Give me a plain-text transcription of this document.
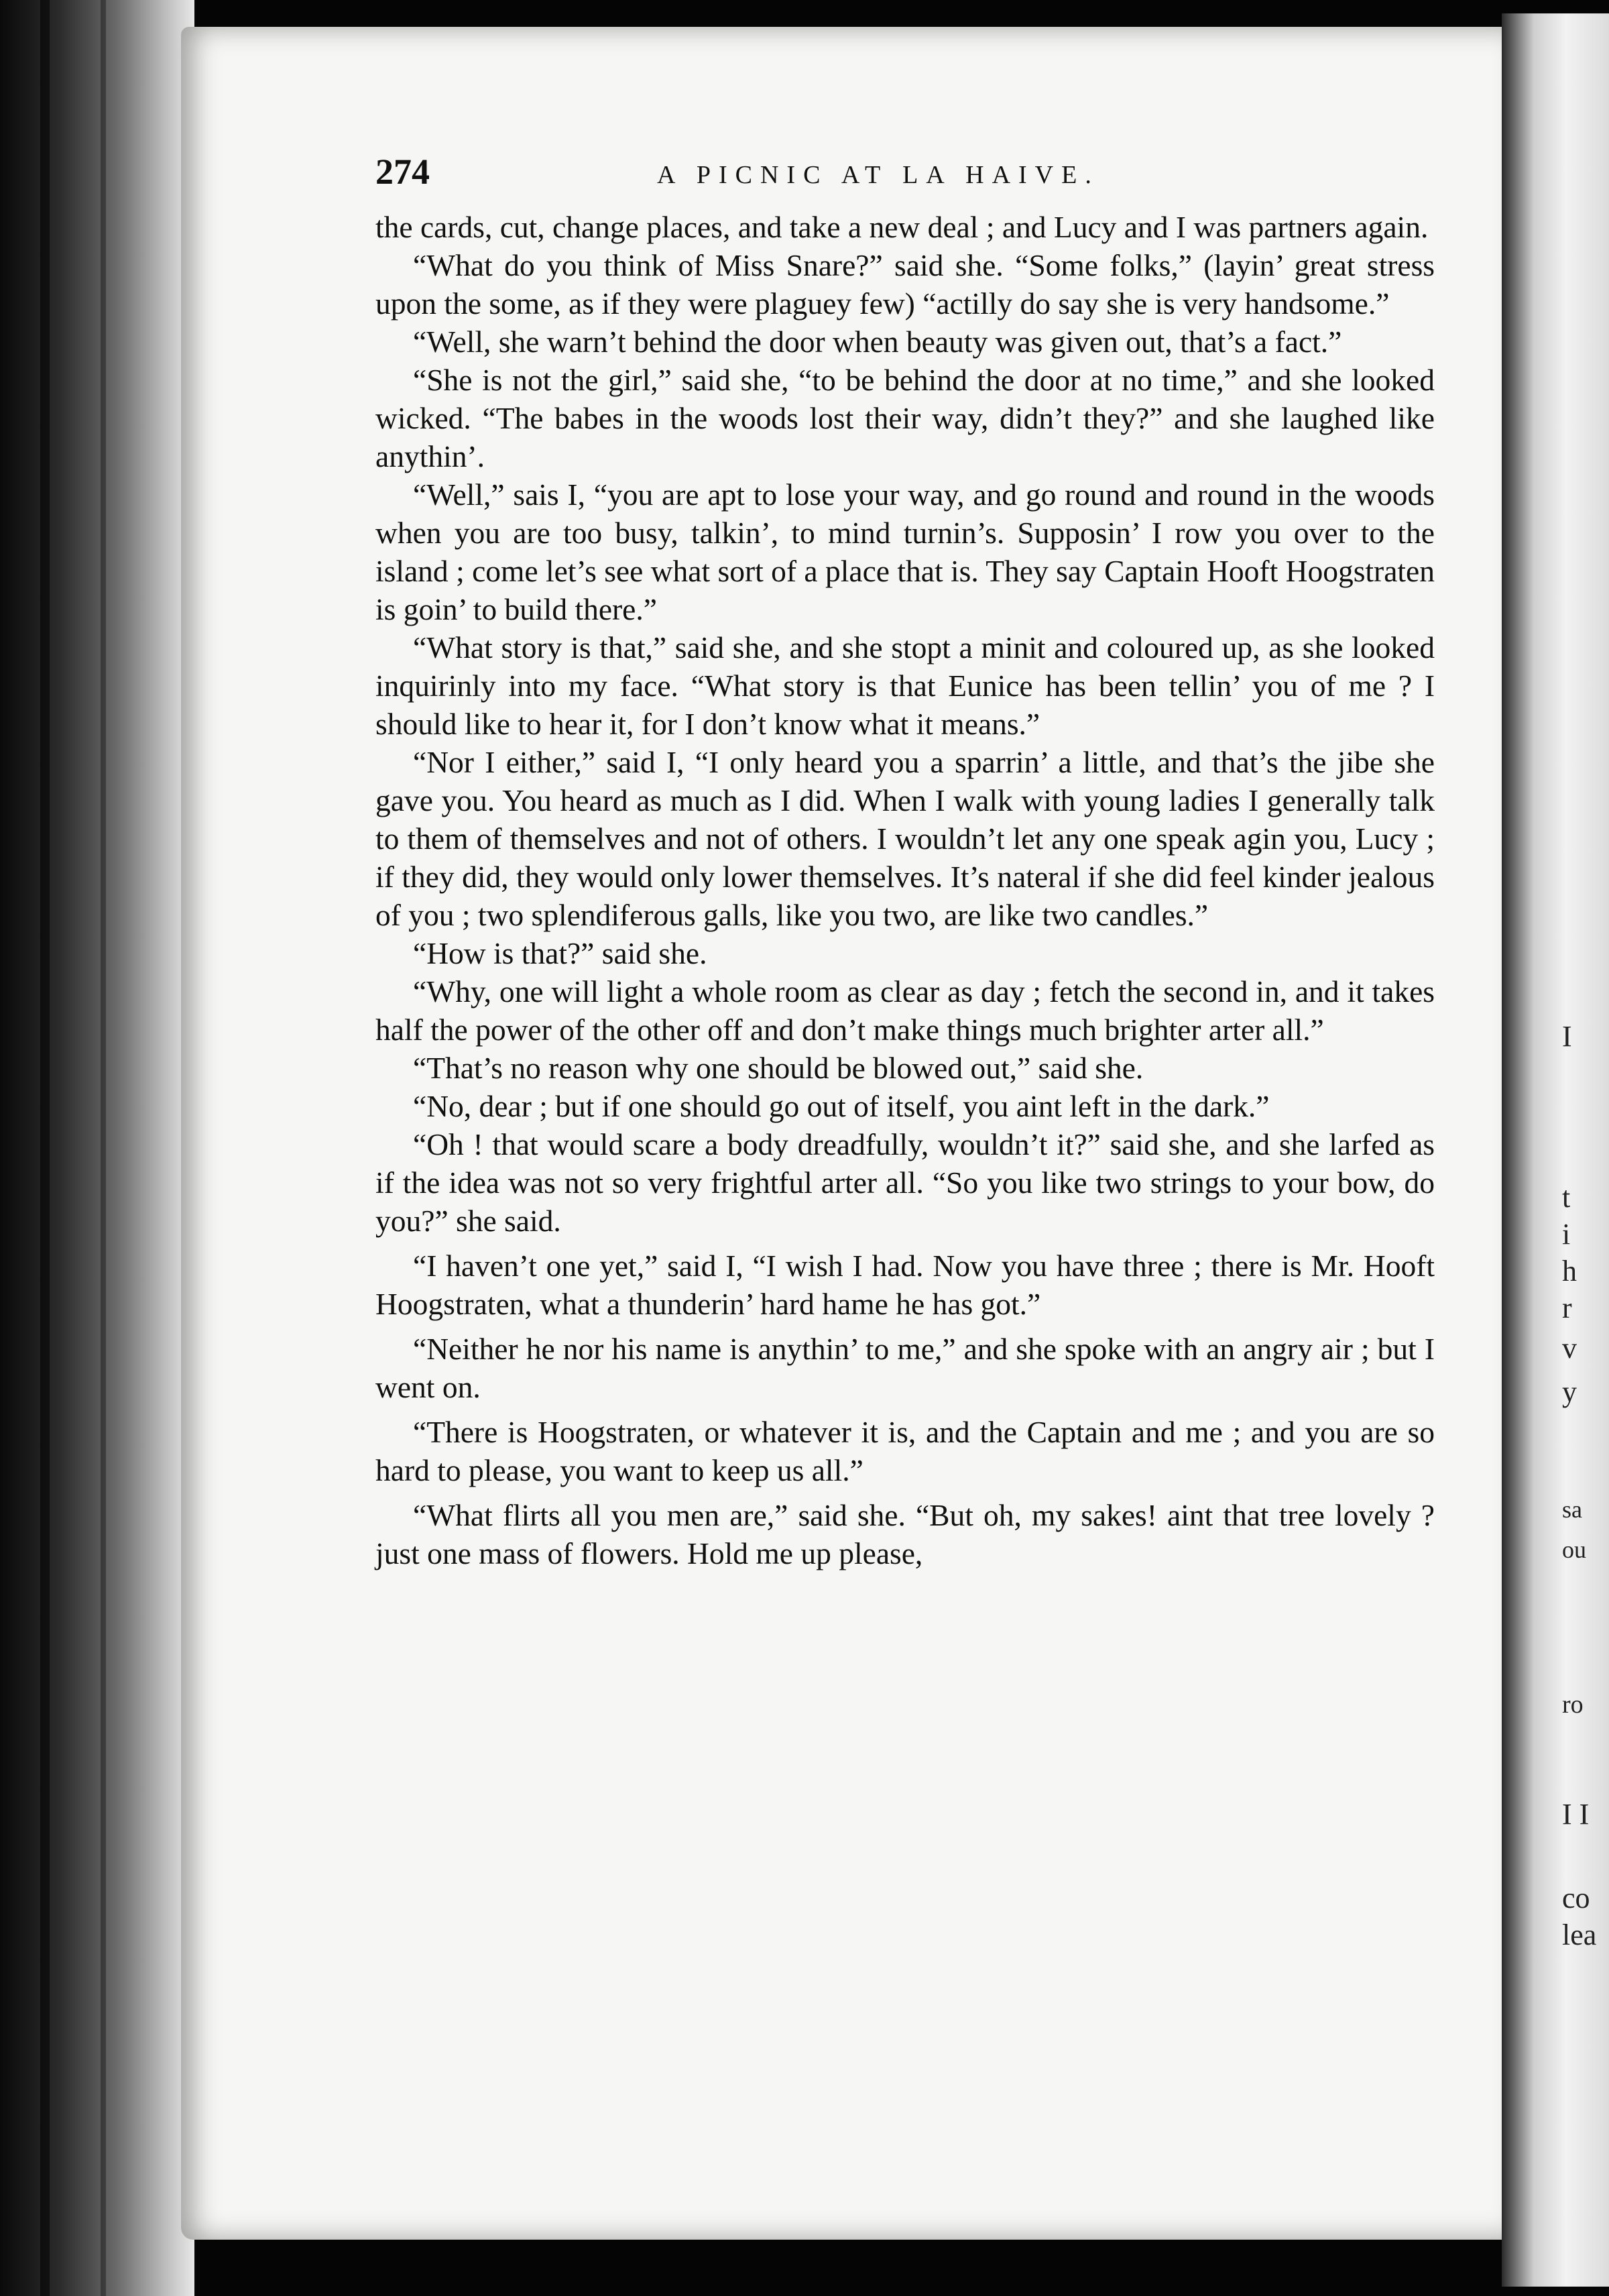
I
t
i
h
r
v
y
sa
ou
ro
I I
co
lea
274	A PICNIC AT LA HAIVE.

the cards, cut, change places, and take a new deal ; and Lucy and I was partners again.

“What do you think of Miss Snare?” said she. “Some folks,” (layin’ great stress upon the some, as if they were plaguey few) “actilly do say she is very handsome.”

“Well, she warn’t behind the door when beauty was given out, that’s a fact.”

“She is not the girl,” said she, “to be behind the door at no time,” and she looked wicked. “The babes in the woods lost their way, didn’t they?” and she laughed like anythin’.

“Well,” sais I, “you are apt to lose your way, and go round and round in the woods when you are too busy, talkin’, to mind turnin’s. Supposin’ I row you over to the island ; come let’s see what sort of a place that is. They say Captain Hooft Hoogstraten is goin’ to build there.”

“What story is that,” said she, and she stopt a minit and coloured up, as she looked inquirinly into my face. “What story is that Eunice has been tellin’ you of me ? I should like to hear it, for I don’t know what it means.”

“Nor I either,” said I, “I only heard you a sparrin’ a little, and that’s the jibe she gave you. You heard as much as I did. When I walk with young ladies I generally talk to them of themselves and not of others. I wouldn’t let any one speak agin you, Lucy ; if they did, they would only lower themselves. It’s nateral if she did feel kinder jealous of you ; two splendiferous galls, like you two, are like two candles.”

“How is that?” said she.

“Why, one will light a whole room as clear as day ; fetch the second in, and it takes half the power of the other off and don’t make things much brighter arter all.”

“That’s no reason why one should be blowed out,” said she.

“No, dear ; but if one should go out of itself, you aint left in the dark.”

“Oh ! that would scare a body dreadfully, wouldn’t it?” said she, and she larfed as if the idea was not so very frightful arter all. “So you like two strings to your bow, do you?” she said.

“I haven’t one yet,” said I, “I wish I had. Now you have three ; there is Mr. Hooft Hoogstraten, what a thunderin’ hard hame he has got.”

“Neither he nor his name is anythin’ to me,” and she spoke with an angry air ; but I went on.

“There is Hoogstraten, or whatever it is, and the Captain and me ; and you are so hard to please, you want to keep us all.”

“What flirts all you men are,” said she. “But oh, my sakes! aint that tree lovely ? just one mass of flowers. Hold me up please,
